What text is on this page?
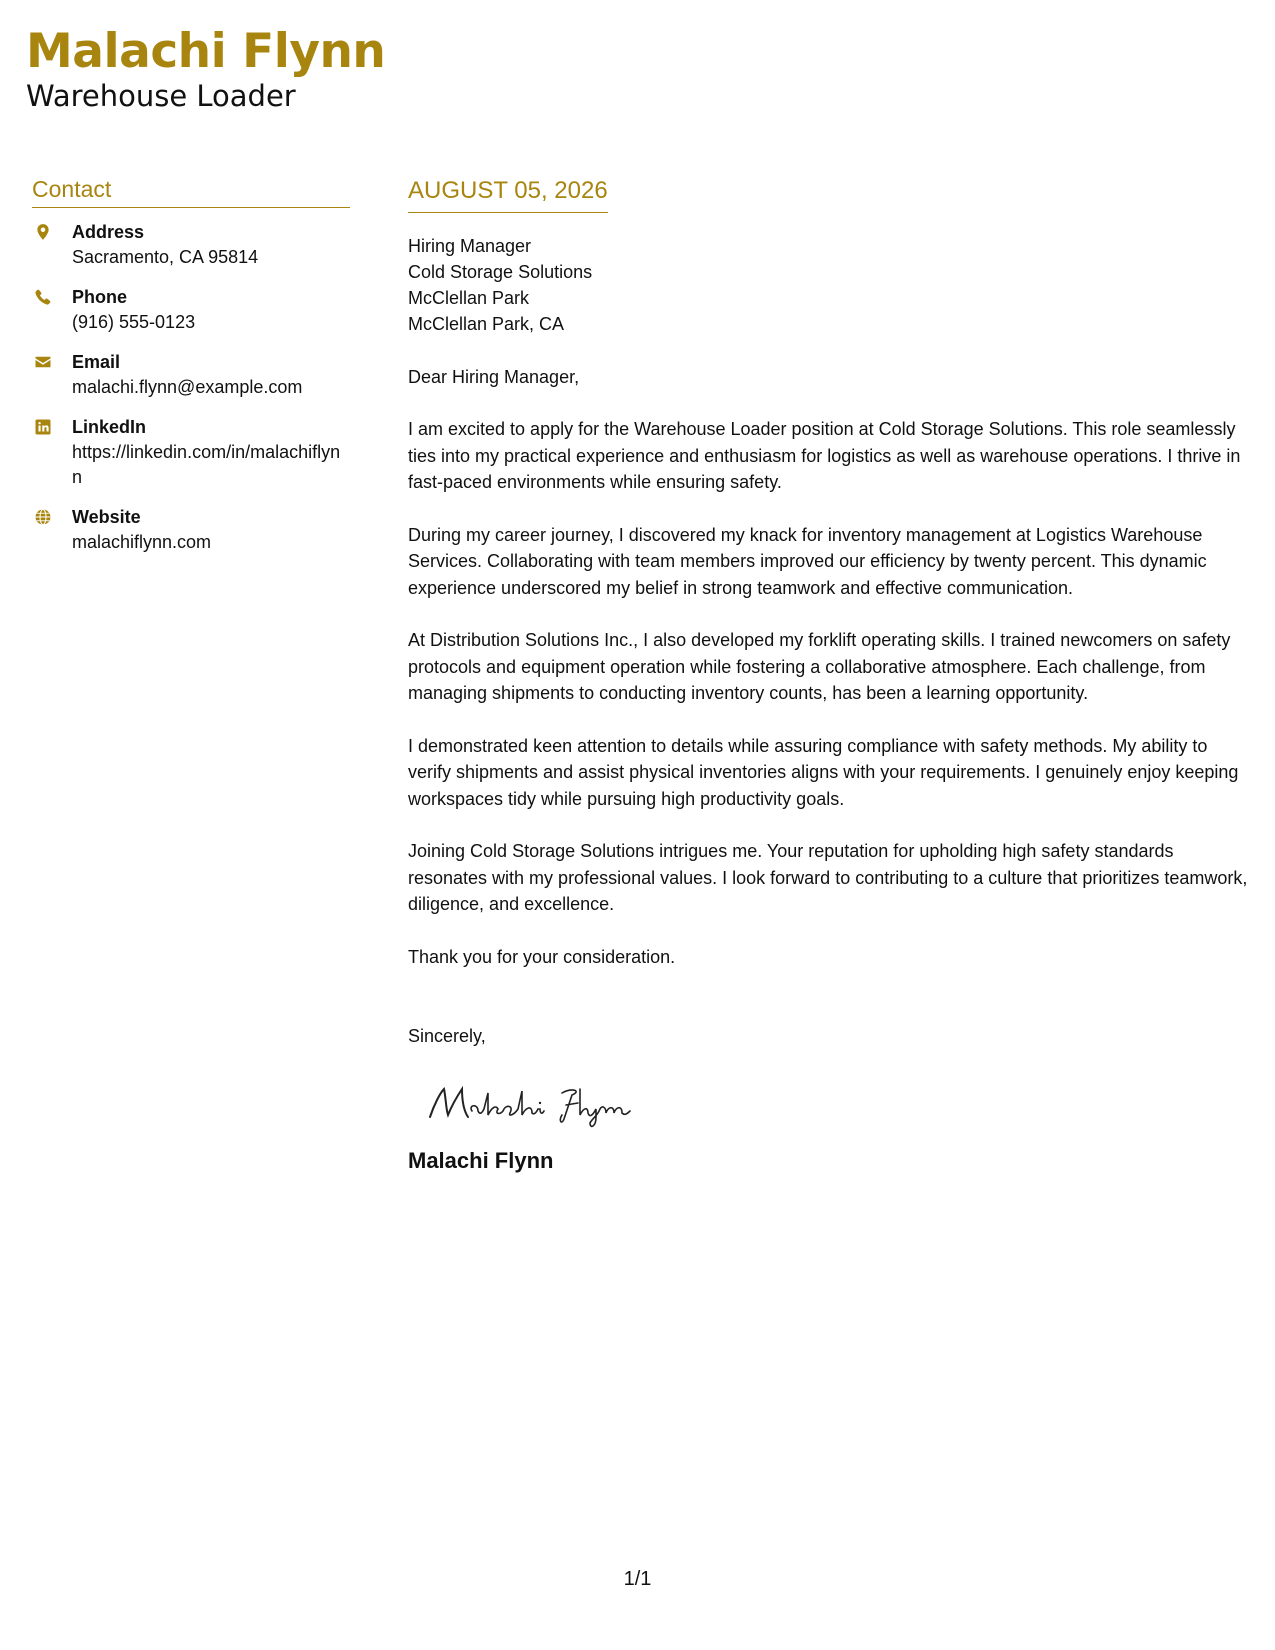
Malachi Flynn
Warehouse Loader
Contact
Address
Sacramento, CA 95814
Phone
(916) 555-0123
Email
malachi.flynn@example.com
LinkedIn
https://linkedin.com/in/malachiflynn
Website
malachiflynn.com
AUGUST 05, 2026
Hiring Manager
Cold Storage Solutions
McClellan Park
McClellan Park, CA
Dear Hiring Manager,
I am excited to apply for the Warehouse Loader position at Cold Storage Solutions. This role seamlessly ties into my practical experience and enthusiasm for logistics as well as warehouse operations. I thrive in fast-paced environments while ensuring safety.
During my career journey, I discovered my knack for inventory management at Logistics Warehouse Services. Collaborating with team members improved our efficiency by twenty percent. This dynamic experience underscored my belief in strong teamwork and effective communication.
At Distribution Solutions Inc., I also developed my forklift operating skills. I trained newcomers on safety protocols and equipment operation while fostering a collaborative atmosphere. Each challenge, from managing shipments to conducting inventory counts, has been a learning opportunity.
I demonstrated keen attention to details while assuring compliance with safety methods. My ability to verify shipments and assist physical inventories aligns with your requirements. I genuinely enjoy keeping workspaces tidy while pursuing high productivity goals.
Joining Cold Storage Solutions intrigues me. Your reputation for upholding high safety standards resonates with my professional values. I look forward to contributing to a culture that prioritizes teamwork, diligence, and excellence.
Thank you for your consideration.
Sincerely,
Malachi Flynn
1/1
